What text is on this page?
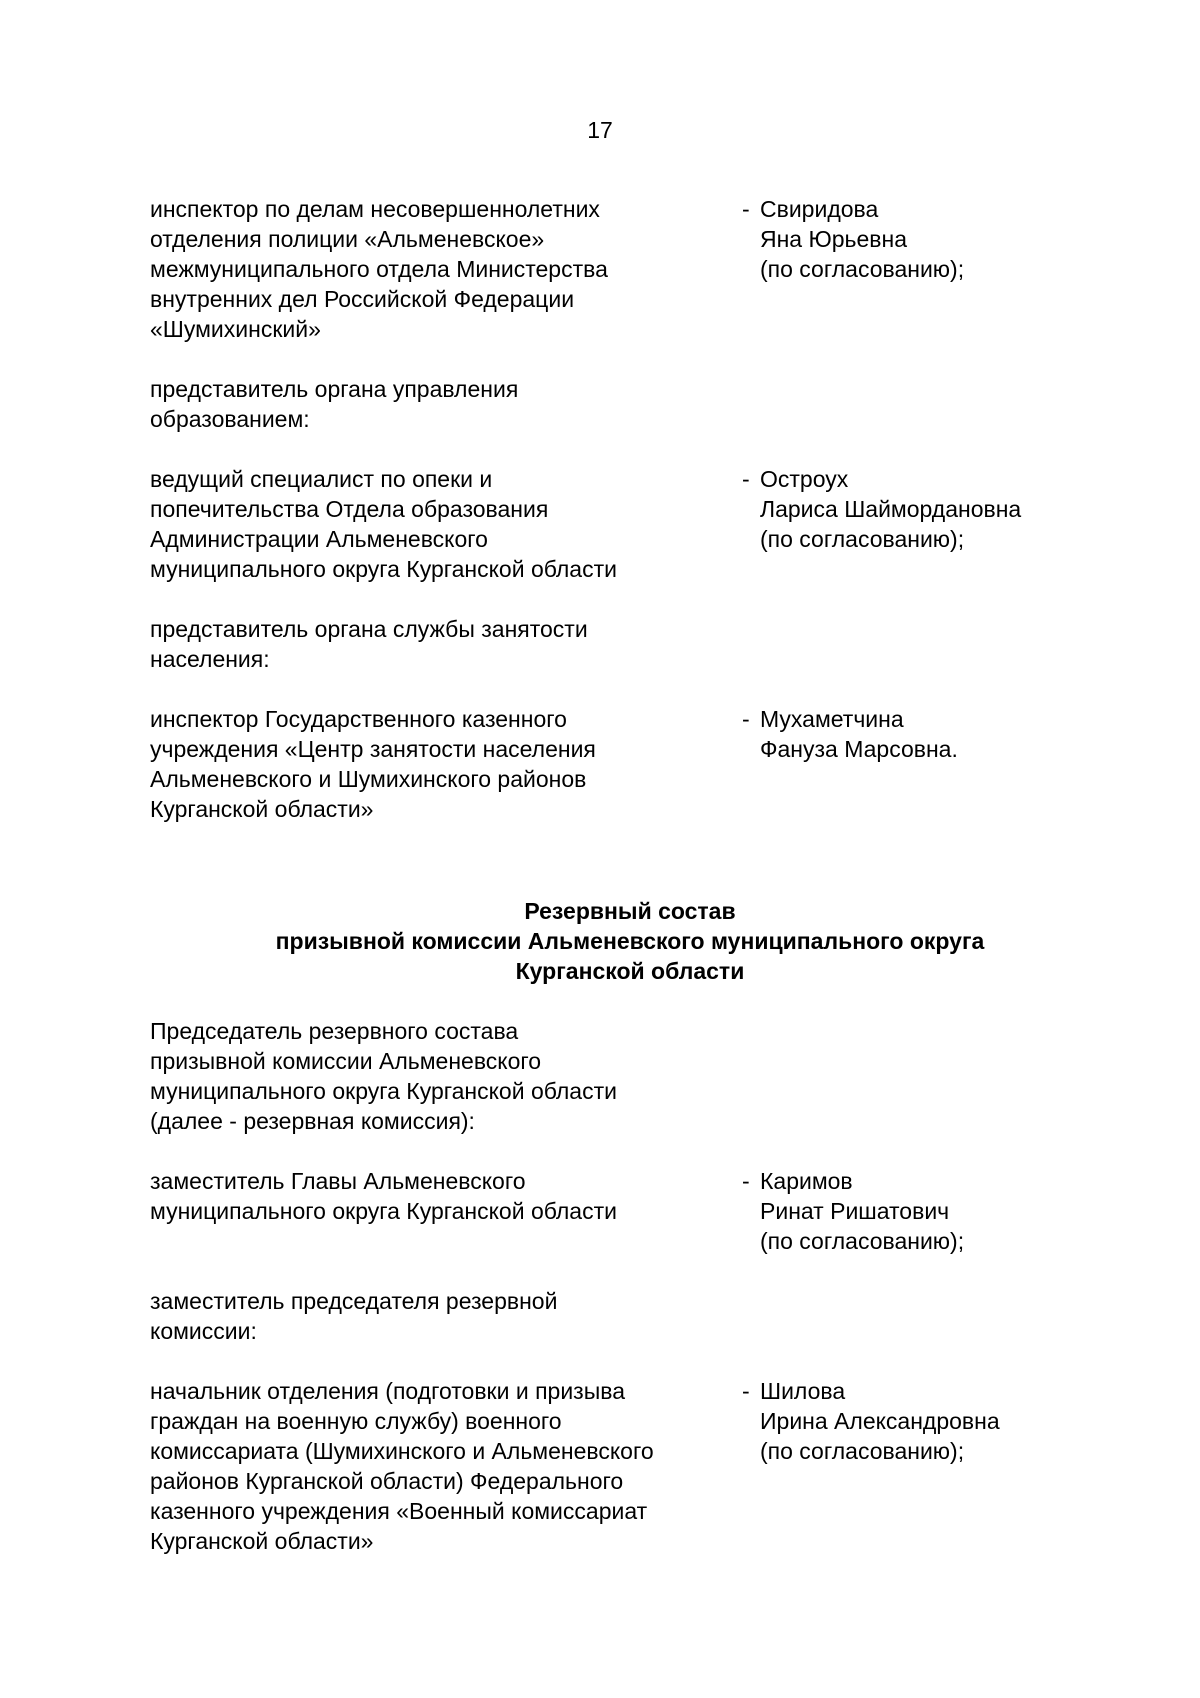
17
инспектор по делам несовершеннолетних
отделения полиции «Альменевское»
межмуниципального отдела Министерства
внутренних дел Российской Федерации
«Шумихинский»
- Свиридова
Яна Юрьевна
(по согласованию);
представитель органа управления
образованием:
ведущий специалист по опеки и
попечительства Отдела образования
Администрации Альменевского
муниципального округа Курганской области
- Остроух
Лариса Шаймордановна
(по согласованию);
представитель органа службы занятости
населения:
инспектор Государственного казенного
учреждения «Центр занятости населения
Альменевского и Шумихинского районов
Курганской области»
- Мухаметчина
Фануза Марсовна.
Резервный состав
призывной комиссии Альменевского муниципального округа
Курганской области
Председатель резервного состава
призывной комиссии Альменевского
муниципального округа Курганской области
(далее - резервная комиссия):
заместитель Главы Альменевского
муниципального округа Курганской области
- Каримов
Ринат Ришатович
(по согласованию);
заместитель председателя резервной
комиссии:
начальник отделения (подготовки и призыва
граждан на военную службу) военного
комиссариата (Шумихинского и Альменевского
районов Курганской области) Федерального
казенного учреждения «Военный комиссариат
Курганской области»
- Шилова
Ирина Александровна
(по согласованию);
